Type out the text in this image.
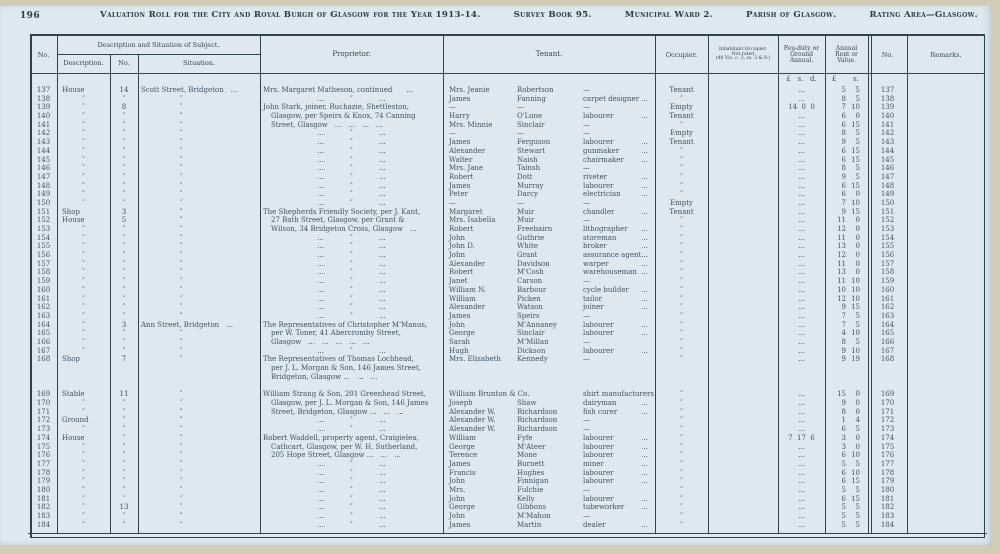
196	Valuation Roll for the City and Royal Burgh of Glasgow for the Year 1913-14.	Survey Book 95.	Municipal Ward 2.	Parish of Glasgow.	Rating Area—Glasgow.
No.
Description and Situation of Subject.
Description.	No.	Situation.
Proprietor.	Tenant.	Occupier.
Inhabitant Occupier.
Not rated
(48 Vic. c. 3, ss. 3 & 9.)
Feu-duty or Ground Annual.
Annual Rent or Value.
No.	Remarks.
£   s.   d.	£ s.
137	House	14	Scott Street, Bridgeton ...	Mrs. Margaret Matheson, continued  ...	Mrs. Jeanie	Robertson	—	Tenant	...	5	5	137
138	″	″	″	... ″ ...	James	Fanning	carpet designer ...	″	...	8	5	138
139	″	8	″	John Stark, joiner, Ruchazie, Shettleston,	—	—	—	Empty	14  0  0	7 10	139
140	″	″	″	Glasgow, per Speirs & Knox, 74 Canning	Harry	O'Lone	labourer	...	Tenant	...	6	0	140
141	″	″	″	Street, Glasgow ... ... ... ...	Mrs. Minnie	Sinclair	—	″	...	6 15	141
142	″	″	″	... ″ ...	—	—	—	Empty	...	8	5	142
143	″	″	″	... ″ ...	James	Ferguson	labourer	...	Tenant	...	9	5	143
144	″	″	″	... ″ ...	Alexander	Stewart	gunmaker	...	″	...	6 15	144
145	″	″	″	... ″ ...	Walter	Naish	chairmaker	...	″	...	6 15	145
146	″	″	″	... ″ ...	Mrs. Jane	Tainsh	—	″	...	8	5	146
147	″	″	″	... ″ ...	Robert	Dott	riveter	...	″	...	9	5	147
148	″	″	″	... ″ ...	James	Murray	labourer	...	″	...	6 15	148
149	″	″	″	... ″ ...	Peter	Darcy	electrician	...	″	...	6	0	149
150	″	″	″	... ″ ...	—	—	—	Empty	...	7 10	150
151	Shop	3	″	The Shepherds Friendly Society, per J. Kant,	Margaret	Muir	chandler	...	Tenant	...	9 15	151
152	House	5	″	27 Bath Street, Glasgow, per Grant &	Mrs. Isabella	Muir	—	″	...	11	0	152
153	″	″	″	Wilson, 34 Bridgeton Cross, Glasgow ...	Robert	Freebairn	lithographer ...	″	...	12	0	153
154	″	″	″	... ″ ...	John	Guthrie	storeman	...	″	...	11	0	154
155	″	″	″	... ″ ...	John D.	White	broker	...	″	...	13	0	155
156	″	″	″	... ″ ...	John	Grant	assurance agent ...	″	...	12	0	156
157	″	″	″	... ″ ...	Alexander	Davidson	warper	...	″	...	11	0	157
158	″	″	″	... ″ ...	Robert	M'Cosh	warehouseman ...	″	...	13	0	158
159	″	″	″	... ″ ...	Janet	Carson	—	″	...	11 10	159
160	″	″	″	... ″ ...	William N.	Barbour	cycle builder ...	″	...	10 10	160
161	″	″	″	... ″ ...	William	Picken	tailor	...	″	...	12 10	161
162	″	″	″	... ″ ...	Alexander	Watson	joiner	...	″	...	9 15	162
163	″	″	″	... ″ ...	James	Speirs	—	″	...	7	5	163
164	″	3	Ann Street, Bridgeton ...	The Representatives of Christopher M'Manus,	John	M'Annaney	labourer	...	″	...	7	5	164
165	″	″	″	per W. Toner, 41 Abercromby Street,	George	Sinclair	labourer	...	″	...	4 10	165
166	″	″	″	Glasgow ... ... ... ... ...	Sarah	M'Millan	—	″	...	8	5	166
167	″	″	″	... ″ ...	Hugh	Dickson	labourer	...	″	...	9 10	167
168	Shop	7	″	The Representatives of Thomas Lochhead,	Mrs. Elizabeth	Kennedy	—	″	...	9 19	168
per J. L. Morgan & Son, 146 James Street,
Bridgeton, Glasgow ... ... ...
169	Stable	11	″	William Strang & Son, 201 Greenhead Street,	William Brunton & Co.	shirt manufacturers	″	...	15	0	169
170	″	″	″	Glasgow, per J. L. Morgan & Son, 146 James	Joseph	Shaw	dairyman	...	″	...	9	0	170
171	″	″	″	Street, Bridgeton, Glasgow ... ... ...	Alexander W.	Richardson	fish curer	...	″	...	8	0	171
172	Ground	″	″	... ″ ...	Alexander W.	Richardson	—	″	...	1	4	172
173	″	″	″	... ″ ...	Alexander W.	Richardson	—	″	...	6	5	173
174	House	″	″	Robert Waddell, property agent, Craigielea,	William	Fyfe	labourer	...	″	7  17  6	3	0	174
175	″	″	″	Cathcart, Glasgow, per W. H. Sutherland,	George	M'Ateer	labourer	...	″	...	3	0	175
176	″	″	″	205 Hope Street, Glasgow ... ... ...	Terence	Mone	labourer	...	″	...	6 10	176
177	″	″	″	... ″ ...	James	Burnett	miner	...	″	...	5	5	177
178	″	″	″	... ″ ...	Francis	Hughes	labourer	...	″	...	6 10	178
179	″	″	″	... ″ ...	John	Finnigan	labourer	...	″	...	6 15	179
180	″	″	″	... ″ ...	Mrs.	Fulchie	—	″	...	5	5	180
181	″	″	″	... ″ ...	John	Kelly	labourer	...	″	...	6 15	181
182	″	13	″	... ″ ...	George	Gibbons	tubeworker ...	″	...	5	5	182
183	″	″	″	... ″ ...	John	M'Mahon	—	″	...	5	5	183
184	″	″	″	... ″ ...	James	Martin	dealer	...	″	...	5	5	184
